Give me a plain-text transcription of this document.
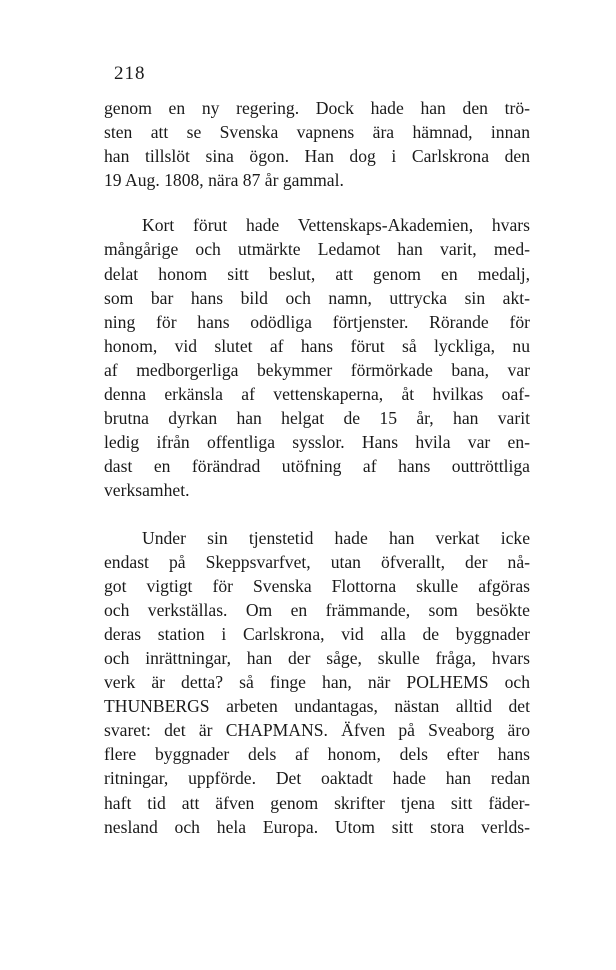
218
genom en ny regering. Dock hade han den trö-
sten att se Svenska vapnens ära hämnad, innan
han tillslöt sina ögon. Han dog i Carlskrona den
19 Aug. 1808, nära 87 år gammal.
Kort förut hade Vettenskaps-Akademien, hvars
mångårige och utmärkte Ledamot han varit, med-
delat honom sitt beslut, att genom en medalj,
som bar hans bild och namn, uttrycka sin akt-
ning för hans odödliga förtjenster. Rörande för
honom, vid slutet af hans förut så lyckliga, nu
af medborgerliga bekymmer förmörkade bana, var
denna erkänsla af vettenskaperna, åt hvilkas oaf-
brutna dyrkan han helgat de 15 år, han varit
ledig ifrån offentliga sysslor. Hans hvila var en-
dast en förändrad utöfning af hans outtröttliga
verksamhet.
Under sin tjenstetid hade han verkat icke
endast på Skeppsvarfvet, utan öfverallt, der nå-
got vigtigt för Svenska Flottorna skulle afgöras
och verkställas. Om en främmande, som besökte
deras station i Carlskrona, vid alla de byggnader
och inrättningar, han der såge, skulle fråga, hvars
verk är detta? så finge han, när POLHEMS och
THUNBERGS arbeten undantagas, nästan alltid det
svaret: det är CHAPMANS. Äfven på Sveaborg äro
flere byggnader dels af honom, dels efter hans
ritningar, uppförde. Det oaktadt hade han redan
haft tid att äfven genom skrifter tjena sitt fäder-
nesland och hela Europa. Utom sitt stora verlds-
